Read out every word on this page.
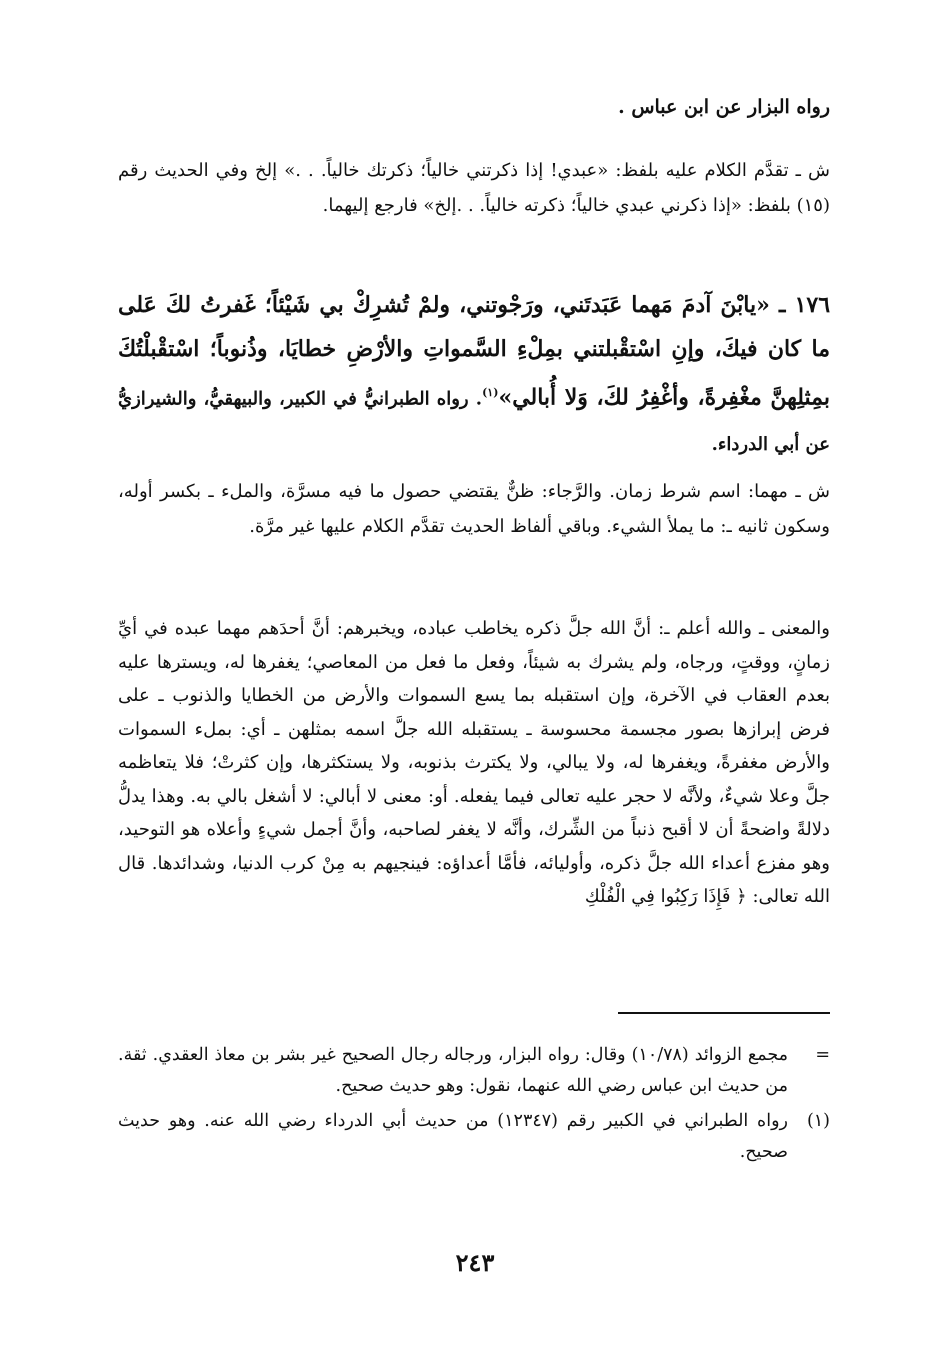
رواه البزار عن ابن عباس .
ش ـ تقدَّم الكلام عليه بلفظ: «عبدي! إذا ذكرتني خالياً؛ ذكرتك خالياً. . .» إلخ وفي الحديث رقم (١٥) بلفظ: «إذا ذكرني عبدي خالياً؛ ذكرته خالياً. . .إلخ» فارجع إليهما.
١٧٦ ـ «يابْنَ آدمَ مَهما عَبَدتَني، ورَجْوتني، ولمْ تُشرِكْ بي شَيْئاً؛ غَفرتُ لكَ عَلى ما كان فيكَ، وإنِ اسْتقْبلتني بمِلْءِ السَّمواتِ والأرْضِ خطايَا، وذُنوباً؛ اسْتقْبلْتُكَ بمِثلِهنَّ مغْفِرةً، وأغْفِرُ لكَ، وَلا أُبالي»$^{(١)}$. رواه الطبرانيُّ في الكبير، والبيهقيُّ، والشيرازيُّ عن أبي الدرداء.
ش ـ مهما: اسم شرط زمان. والرَّجاء: ظنٌّ يقتضي حصول ما فيه مسرَّة، والملء ـ بكسر أوله، وسكون ثانيه ـ: ما يملأ الشيء. وباقي ألفاظ الحديث تقدَّم الكلام عليها غير مرَّة.
والمعنى ـ والله أعلم ـ: أنَّ الله جلَّ ذكره يخاطب عباده، ويخبرهم: أنَّ أحدَهم مهما عبده في أيِّ زمانٍ، ووقتٍ، ورجاه، ولم يشرك به شيئاً، وفعل ما فعل من المعاصي؛ يغفرها له، ويسترها عليه بعدم العقاب في الآخرة، وإن استقبله بما يسع السموات والأرض من الخطايا والذنوب ـ على فرض إبرازها بصور مجسمة محسوسة ـ يستقبله الله جلَّ اسمه بمثلهن ـ أي: بملء السموات والأرض مغفرةً، ويغفرها له، ولا يبالي، ولا يكترث بذنوبه، ولا يستكثرها، وإن كثرتْ؛ فلا يتعاظمه جلَّ وعلا شيءٌ، ولأنَّه لا حجر عليه تعالى فيما يفعله. أو: معنى لا أبالي: لا أشغل بالي به. وهذا يدلُّ دلالةً واضحةً أن لا أقبح ذنباً من الشِّرك، وأنَّه لا يغفر لصاحبه، وأنَّ أجمل شيءٍ وأعلاه هو التوحيد، وهو مفزع أعداء الله جلَّ ذكره، وأوليائه، فأمَّا أعداؤه: فينجيهم به مِنْ كرب الدنيا، وشدائدها. قال الله تعالى: ﴿ فَإِذَا رَكِبُوا فِي الْفُلْكِ
=
مجمع الزوائد (١٠/٧٨) وقال: رواه البزار، ورجاله رجال الصحيح غير بشر بن معاذ العقدي. ثقة. من حديث ابن عباس رضي الله عنهما، نقول: وهو حديث صحيح.
(١)
رواه الطبراني في الكبير رقم (١٢٣٤٧) من حديث أبي الدرداء رضي الله عنه. وهو حديث صحيح.
٢٤٣
